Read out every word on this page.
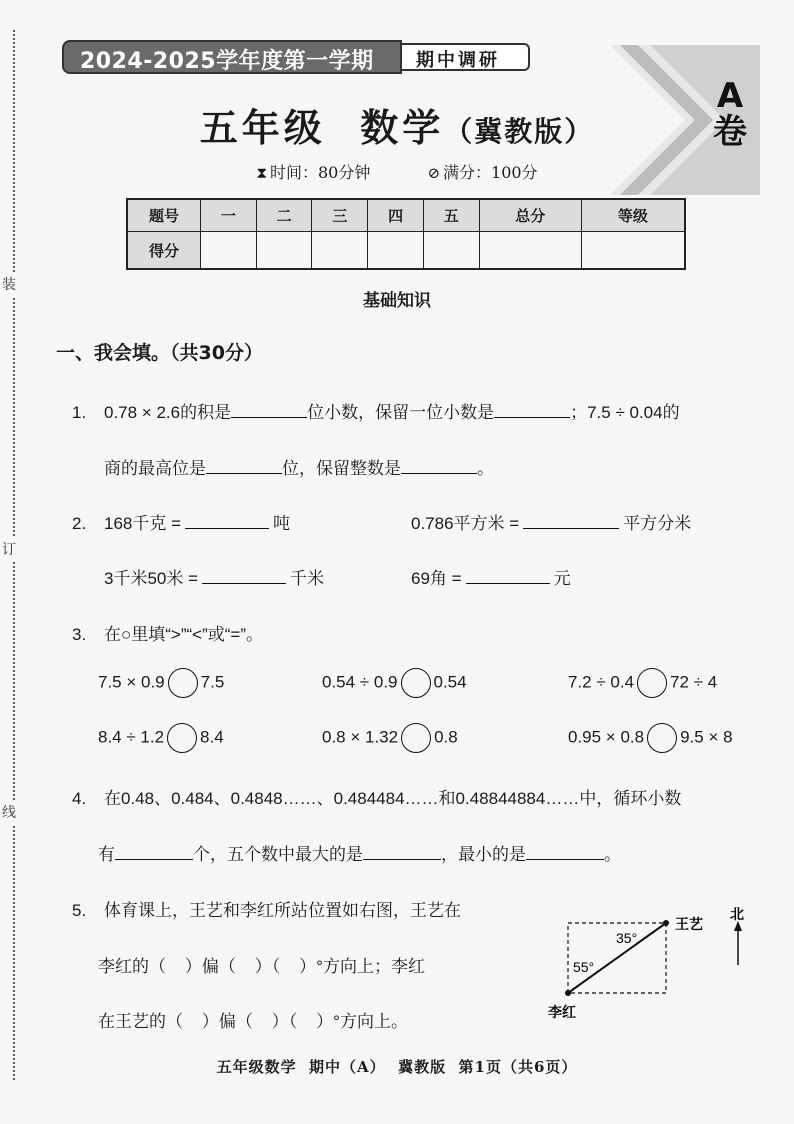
装
订
线
2024-2025学年度第一学期 期中调研
A卷
五年级  数学（冀教版）
⧗ 时间：80分钟	⊘ 满分：100分
题号	一	二	三	四	五	总分	等级
得分							
基础知识
一、我会填。（共30分）
1. 0.78 × 2.6的积是	位小数，保留一位小数是	；7.5 ÷ 0.04的
商的最高位是	位，保留整数是	。
2. 168千克 =	吨	0.786平方米 =	平方分米
3千米50米 =	千米	69角 =	元
3. 在○里填“>”“<”或“=”。
7.5 × 0.9 7.5	0.54 ÷ 0.9 0.54	7.2 ÷ 0.4 72 ÷ 4
8.4 ÷ 1.2 8.4	0.8 × 1.32 0.8	0.95 × 0.8 9.5 × 8
4. 在0.48、0.484、0.4848……、0.484484……和0.48844884……中，循环小数
有	个，五个数中最大的是	，最小的是	。
5. 体育课上，王艺和李红所站位置如右图，王艺在
李红的（    ）偏（    ）（    ）°方向上；李红
在王艺的（    ）偏（    ）（    ）°方向上。
王艺
李红
北
35°
55°
五年级数学  期中（A）  冀教版  第1页（共6页）
